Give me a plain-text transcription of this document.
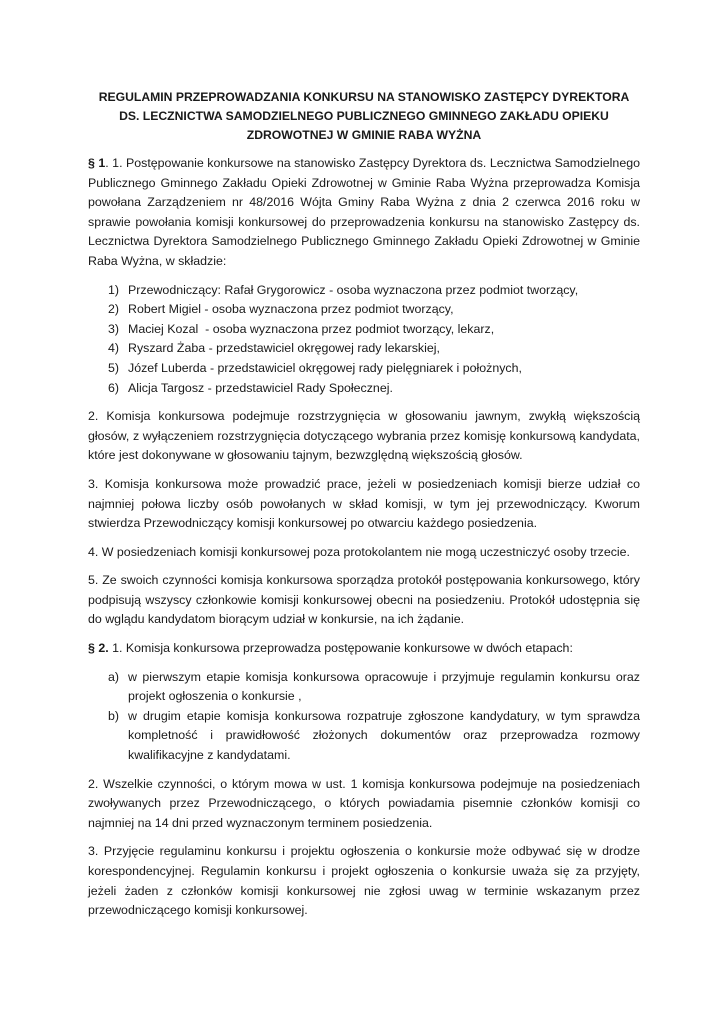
REGULAMIN PRZEPROWADZANIA KONKURSU NA STANOWISKO ZASTĘPCY DYREKTORA DS. LECZNICTWA SAMODZIELNEGO PUBLICZNEGO GMINNEGO ZAKŁADU OPIEKU ZDROWOTNEJ W GMINIE RABA WYŻNA

§ 1. 1. Postępowanie konkursowe na stanowisko Zastępcy Dyrektora ds. Lecznictwa Samodzielnego Publicznego Gminnego Zakładu Opieki Zdrowotnej w Gminie Raba Wyżna przeprowadza Komisja powołana Zarządzeniem nr 48/2016 Wójta Gminy Raba Wyżna z dnia 2 czerwca 2016 roku w sprawie powołania komisji konkursowej do przeprowadzenia konkursu na stanowisko Zastępcy ds. Lecznictwa Dyrektora Samodzielnego Publicznego Gminnego Zakładu Opieki Zdrowotnej w Gminie Raba Wyżna, w składzie:

1) Przewodniczący: Rafał Grygorowicz - osoba wyznaczona przez podmiot tworzący,
2) Robert Migiel - osoba wyznaczona przez podmiot tworzący,
3) Maciej Kozal  - osoba wyznaczona przez podmiot tworzący, lekarz,
4) Ryszard Żaba - przedstawiciel okręgowej rady lekarskiej,
5) Józef Luberda - przedstawiciel okręgowej rady pielęgniarek i położnych,
6) Alicja Targosz - przedstawiciel Rady Społecznej.

2. Komisja konkursowa podejmuje rozstrzygnięcia w głosowaniu jawnym, zwykłą większością głosów, z wyłączeniem rozstrzygnięcia dotyczącego wybrania przez komisję konkursową kandydata, które jest dokonywane w głosowaniu tajnym, bezwzględną większością głosów.

3. Komisja konkursowa może prowadzić prace, jeżeli w posiedzeniach komisji bierze udział co najmniej połowa liczby osób powołanych w skład komisji, w tym jej przewodniczący. Kworum stwierdza Przewodniczący komisji konkursowej po otwarciu każdego posiedzenia.

4. W posiedzeniach komisji konkursowej poza protokolantem nie mogą uczestniczyć osoby trzecie.

5. Ze swoich czynności komisja konkursowa sporządza protokół postępowania konkursowego, który podpisują wszyscy członkowie komisji konkursowej obecni na posiedzeniu. Protokół udostępnia się do wglądu kandydatom biorącym udział w konkursie, na ich żądanie.

§ 2. 1. Komisja konkursowa przeprowadza postępowanie konkursowe w dwóch etapach:

a) w pierwszym etapie komisja konkursowa opracowuje i przyjmuje regulamin konkursu oraz projekt ogłoszenia o konkursie ,
b) w drugim etapie komisja konkursowa rozpatruje zgłoszone kandydatury, w tym sprawdza kompletność i prawidłowość złożonych dokumentów oraz przeprowadza rozmowy kwalifikacyjne z kandydatami.

2. Wszelkie czynności, o którym mowa w ust. 1 komisja konkursowa podejmuje na posiedzeniach zwoływanych przez Przewodniczącego, o których powiadamia pisemnie członków komisji co najmniej na 14 dni przed wyznaczonym terminem posiedzenia.

3. Przyjęcie regulaminu konkursu i projektu ogłoszenia o konkursie może odbywać się w drodze korespondencyjnej. Regulamin konkursu i projekt ogłoszenia o konkursie uważa się za przyjęty, jeżeli żaden z członków komisji konkursowej nie zgłosi uwag w terminie wskazanym przez przewodniczącego komisji konkursowej.
